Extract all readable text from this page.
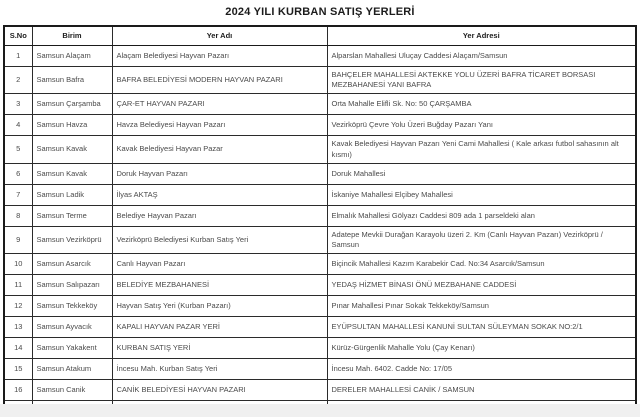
2024 YILI KURBAN SATIŞ YERLERİ
S.No	Birim	Yer Adı	Yer Adresi
1	Samsun Alaçam	Alaçam Belediyesi Hayvan Pazarı	Alparslan Mahallesi Uluçay Caddesi Alaçam/Samsun
2	Samsun Bafra	BAFRA BELEDİYESİ MODERN HAYVAN PAZARI	BAHÇELER MAHALLESİ AKTEKKE YOLU ÜZERİ BAFRA TİCARET BORSASI MEZBAHANESİ YANI BAFRA
3	Samsun Çarşamba	ÇAR-ET HAYVAN PAZARI	Orta Mahalle Elifli Sk. No: 50 ÇARŞAMBA
4	Samsun Havza	Havza Belediyesi Hayvan Pazarı	Vezirköprü Çevre Yolu Üzeri Buğday Pazarı Yanı
5	Samsun Kavak	Kavak Belediyesi Hayvan Pazar	Kavak Belediyesi Hayvan Pazarı Yeni Cami Mahallesi ( Kale arkası futbol sahasının alt kısmı)
6	Samsun Kavak	Doruk Hayvan Pazarı	Doruk Mahallesi
7	Samsun Ladik	İlyas AKTAŞ	İskaniye Mahallesi Elçibey Mahallesi
8	Samsun Terme	Belediye Hayvan Pazarı	Elmalık Mahallesi Gölyazı Caddesi 809 ada 1 parseldeki alan
9	Samsun Vezirköprü	Vezirköprü Belediyesi Kurban Satış Yeri	Adatepe Mevkii Durağan Karayolu üzeri 2. Km (Canlı Hayvan Pazarı) Vezirköprü / Samsun
10	Samsun Asarcık	Canlı Hayvan Pazarı	Biçincik Mahallesi Kazım Karabekir Cad. No:34 Asarcık/Samsun
11	Samsun Salıpazarı	BELEDİYE MEZBAHANESİ	YEDAŞ HİZMET BİNASI ÖNÜ MEZBAHANE CADDESİ
12	Samsun Tekkeköy	Hayvan Satış Yeri (Kurban Pazarı)	Pınar Mahallesi Pınar Sokak Tekkeköy/Samsun
13	Samsun Ayvacık	KAPALI HAYVAN PAZAR YERİ	EYÜPSULTAN MAHALLESİ KANUNİ SULTAN SÜLEYMAN SOKAK NO:2/1
14	Samsun Yakakent	KURBAN SATIŞ YERİ	Kürüz-Gürgenlik Mahalle Yolu (Çay Kenarı)
15	Samsun Atakum	İncesu Mah. Kurban Satış Yeri	İncesu Mah. 6402. Cadde No: 17/05
16	Samsun Canik	CANİK BELEDİYESİ HAYVAN PAZARI	DERELER MAHALLESİ CANİK / SAMSUN
